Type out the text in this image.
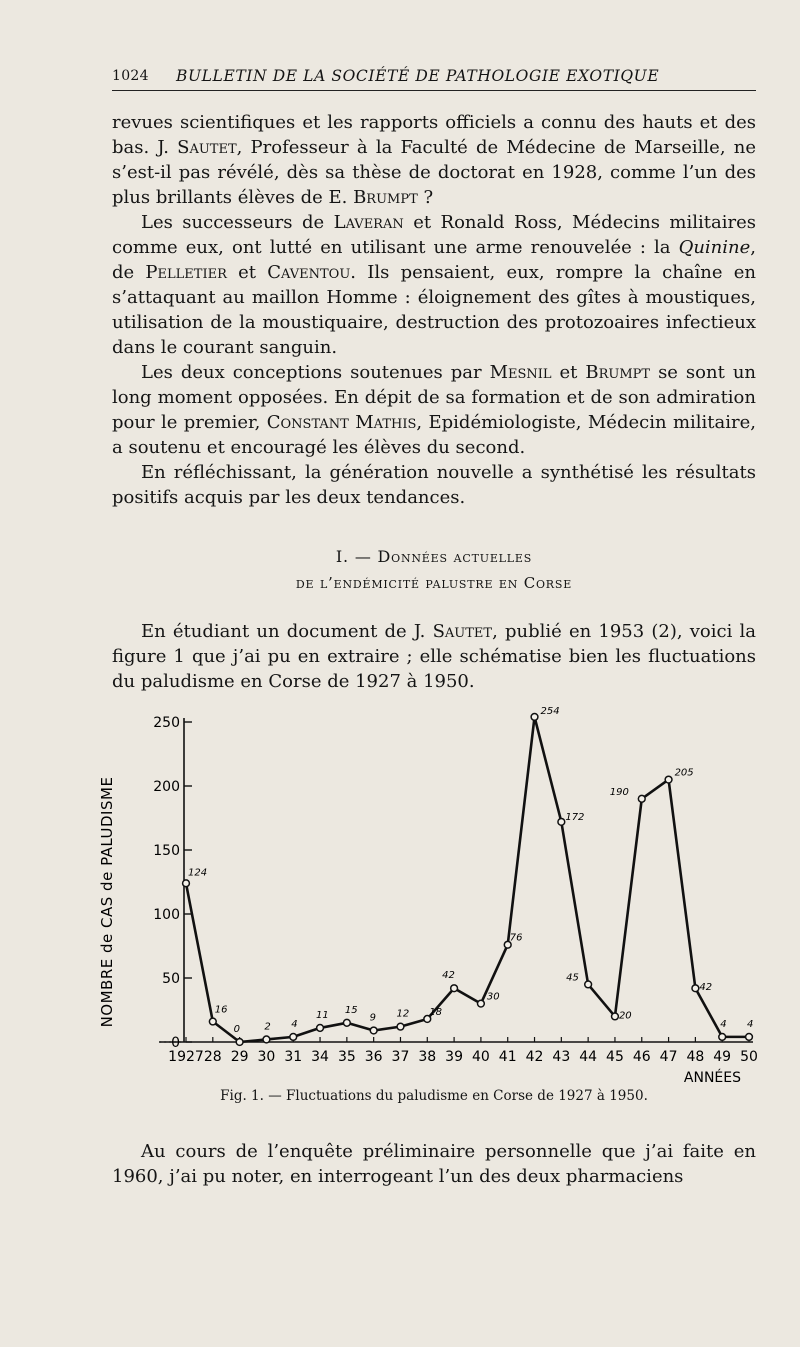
1024 BULLETIN DE LA SOCIÉTÉ DE PATHOLOGIE EXOTIQUE

revues scientifiques et les rapports officiels a connu des hauts et des bas. J. Sautet, Professeur à la Faculté de Médecine de Marseille, ne s’est-il pas révélé, dès sa thèse de doctorat en 1928, comme l’un des plus brillants élèves de E. Brumpt ?

Les successeurs de Laveran et Ronald Ross, Médecins militaires comme eux, ont lutté en utilisant une arme renouvelée : la Quinine, de Pelletier et Caventou. Ils pensaient, eux, rompre la chaîne en s’attaquant au maillon Homme : éloignement des gîtes à moustiques, utilisation de la moustiquaire, destruction des protozoaires infectieux dans le courant sanguin.

Les deux conceptions soutenues par Mesnil et Brumpt se sont un long moment opposées. En dépit de sa formation et de son admiration pour le premier, Constant Mathis, Epidémiologiste, Médecin militaire, a soutenu et encouragé les élèves du second.

En réfléchissant, la génération nouvelle a synthétisé les résultats positifs acquis par les deux tendances.

I. — Données actuelles
de l’endémicité palustre en Corse

En étudiant un document de J. Sautet, publié en 1953 (2), voici la figure 1 que j’ai pu en extraire ; elle schématise bien les fluctuations du paludisme en Corse de 1927 à 1950.

0
50
100
150
200
250
NOMBRE de CAS de PALUDISME
1927 28 29 30 31 34 35 36 37 38 39 40 41 42 43 44 45 46 47 48 49 50
ANNÉES
124
16
0 2 4
11 15
9 12 18
42
30
76
254
172
45
20
190
205
42
4 4
Fig. 1. — Fluctuations du paludisme en Corse de 1927 à 1950.

Au cours de l’enquête préliminaire personnelle que j’ai faite en 1960, j’ai pu noter, en interrogeant l’un des deux pharmaciens
